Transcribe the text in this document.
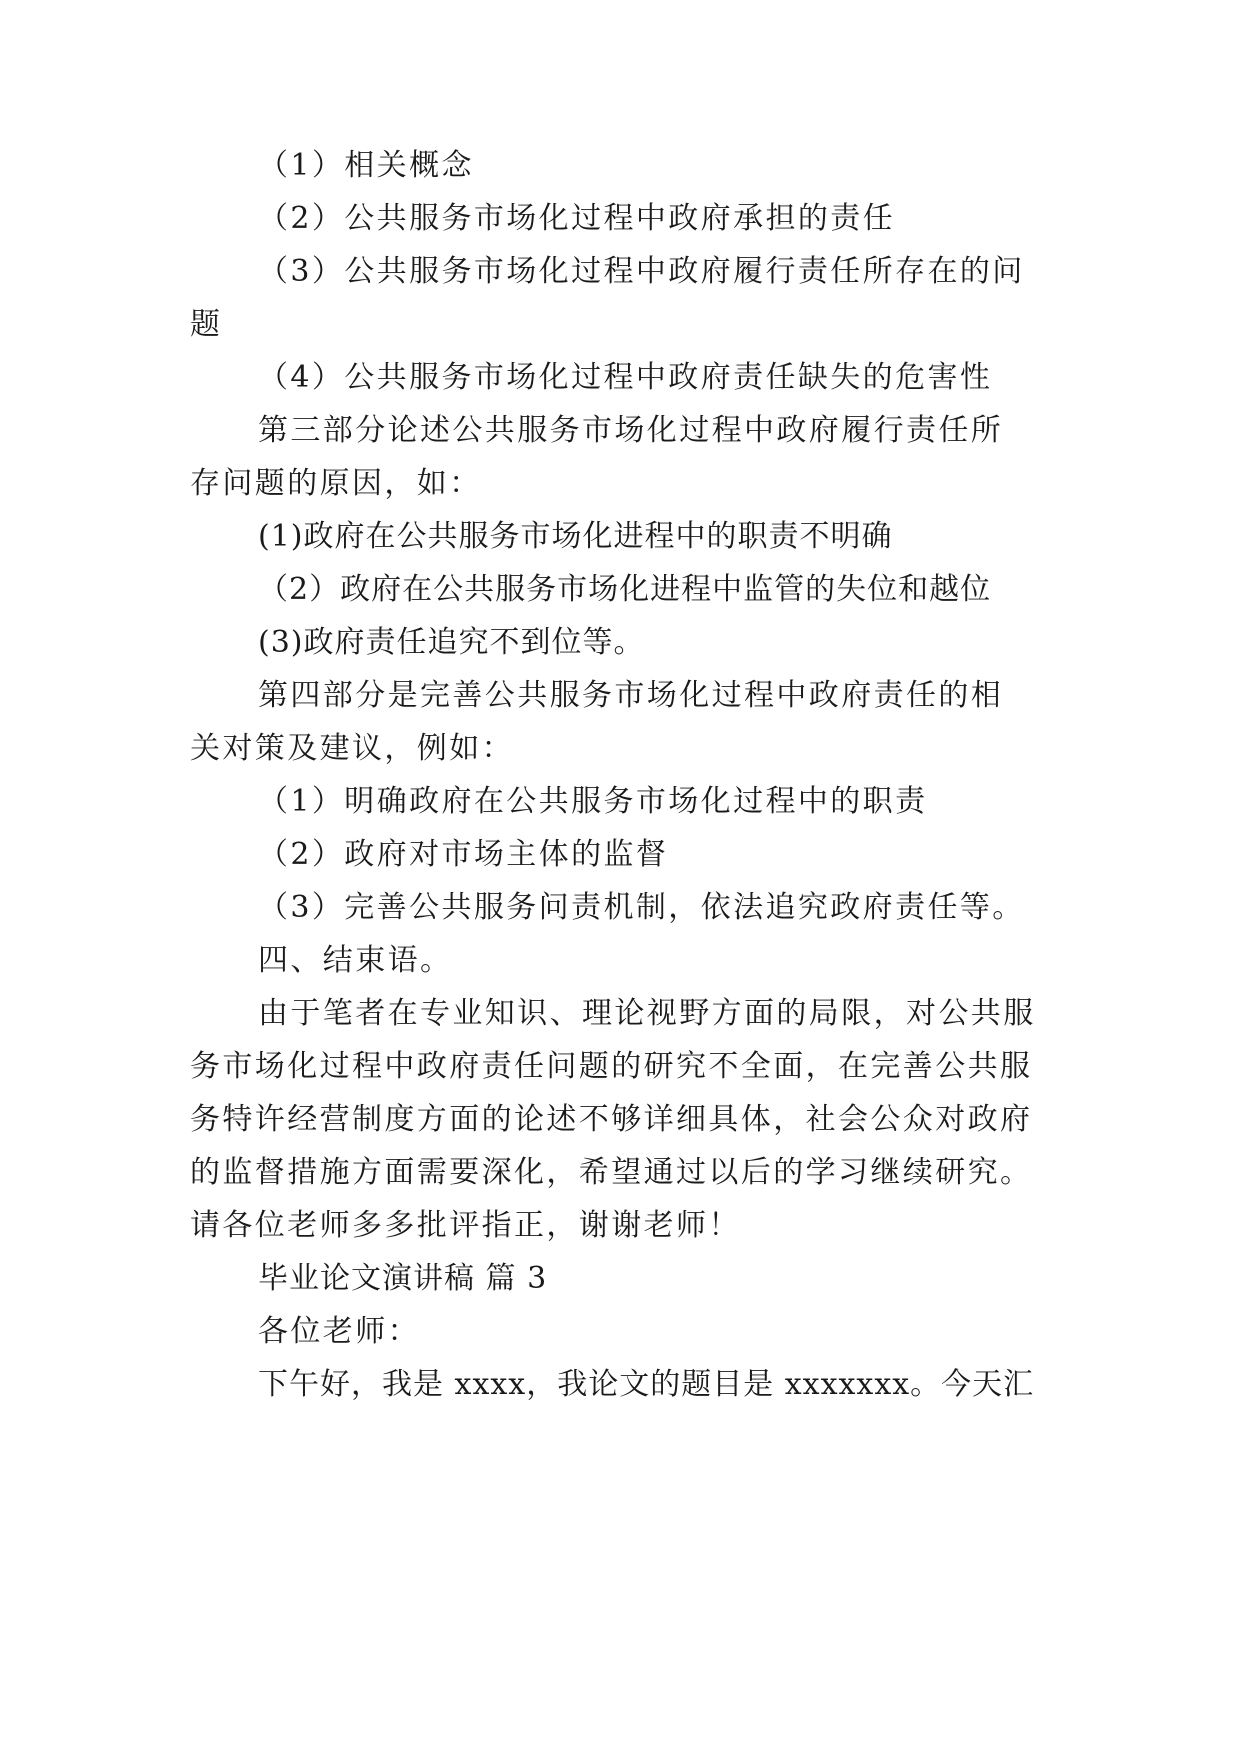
（1）相关概念
（2）公共服务市场化过程中政府承担的责任
（3）公共服务市场化过程中政府履行责任所存在的问
题
（4）公共服务市场化过程中政府责任缺失的危害性
第三部分论述公共服务市场化过程中政府履行责任所
存问题的原因，如：
(1)政府在公共服务市场化进程中的职责不明确
（2）政府在公共服务市场化进程中监管的失位和越位
(3)政府责任追究不到位等。
第四部分是完善公共服务市场化过程中政府责任的相
关对策及建议，例如：
（1）明确政府在公共服务市场化过程中的职责
（2）政府对市场主体的监督
（3）完善公共服务问责机制，依法追究政府责任等。
四、结束语。
由于笔者在专业知识、理论视野方面的局限，对公共服
务市场化过程中政府责任问题的研究不全面，在完善公共服
务特许经营制度方面的论述不够详细具体，社会公众对政府
的监督措施方面需要深化，希望通过以后的学习继续研究。
请各位老师多多批评指正，谢谢老师！
毕业论文演讲稿 篇 3
各位老师：
下午好，我是 xxxx，我论文的题目是 xxxxxxx。今天汇
